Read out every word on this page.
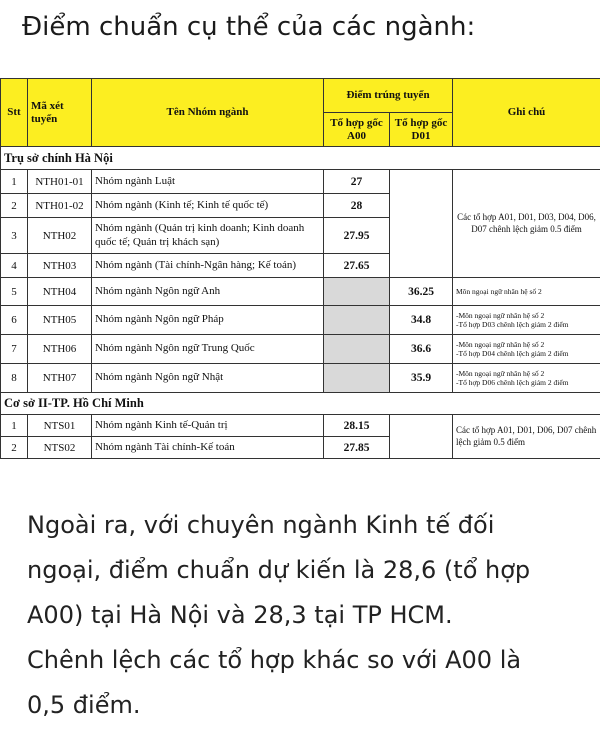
Điểm chuẩn cụ thể của các ngành:
Stt	Mã xét tuyển	Tên Nhóm ngành	Điểm trúng tuyển		Ghi chú
			Tổ hợp gốc A00	Tổ hợp gốc D01	
Trụ sở chính Hà Nội					
1	NTH01-01	Nhóm ngành Luật	27		Các tổ hợp A01, D01, D03, D04, D06, D07 chênh lệch giảm 0.5 điểm
2	NTH01-02	Nhóm ngành (Kinh tế; Kinh tế quốc tế)	28		
3	NTH02	Nhóm ngành (Quản trị kinh doanh; Kinh doanh quốc tế; Quản trị khách sạn)	27.95		
4	NTH03	Nhóm ngành (Tài chính-Ngân hàng; Kế toán)	27.65		
5	NTH04	Nhóm ngành Ngôn ngữ Anh		36.25	Môn ngoại ngữ nhân hệ số 2
6	NTH05	Nhóm ngành Ngôn ngữ Pháp		34.8	-Môn ngoại ngữ nhân hệ số 2
-Tổ hợp D03 chênh lệch giảm 2 điểm

7	NTH06	Nhóm ngành Ngôn ngữ Trung Quốc		36.6	-Môn ngoại ngữ nhân hệ số 2
-Tổ hợp D04 chênh lệch giảm 2 điểm

8	NTH07	Nhóm ngành Ngôn ngữ Nhật		35.9	-Môn ngoại ngữ nhân hệ số 2
-Tổ hợp D06 chênh lệch giảm 2 điểm

Cơ sở II-TP. Hồ Chí Minh					
1	NTS01	Nhóm ngành Kinh tế-Quản trị	28.15		Các tổ hợp A01, D01, D06, D07 chênh lệch giảm 0.5 điểm
2	NTS02	Nhóm ngành Tài chính-Kế toán	27.85		
Ngoài ra, với chuyên ngành Kinh tế đối
ngoại, điểm chuẩn dự kiến là 28,6 (tổ hợp
A00) tại Hà Nội và 28,3 tại TP HCM.
Chênh lệch các tổ hợp khác so với A00 là
0,5 điểm.
